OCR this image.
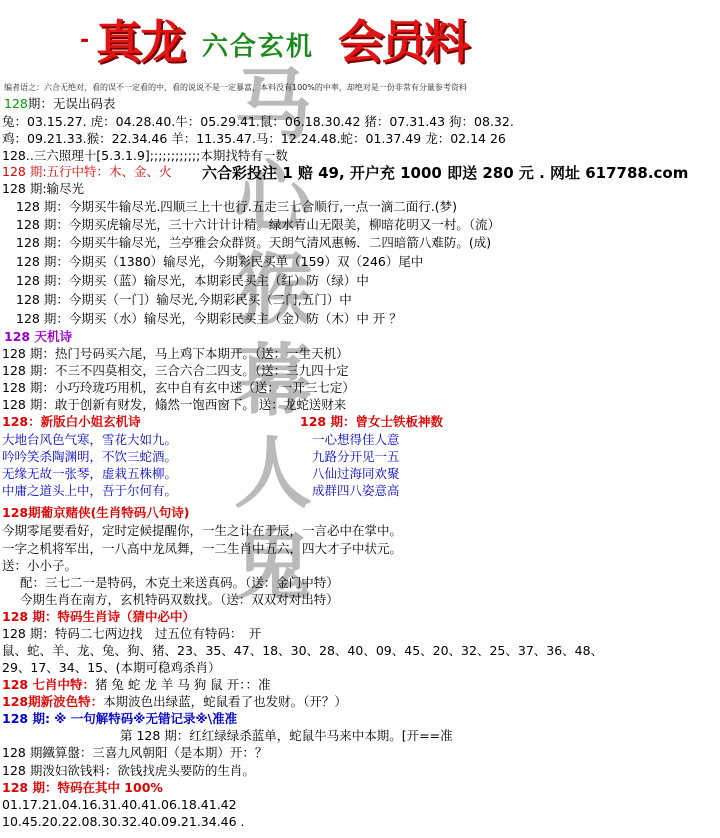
马
心
猴
幕
人
鬼
- 真龙 六合玄机 会员料
编者语之：六合无绝对，看的误不一定看的中，看的说说不是一定暴富，本料没有100%的中率，却绝对是一份非常有分量参考资料
128期：无误出码表
兔：03.15.27. 虎：04.28.40.牛：05.29.41.鼠：06.18.30.42 猪：07.31.43 狗：08.32.
鸡：09.21.33.猴：22.34.46 羊：11.35.47.马：12.24.48.蛇：01.37.49 龙：02.14 26
128..三六照理十[5.3.1.9];;;;;;;;;;;;本期找特有一数
128 期:五行中特：木、金、火 六合彩投注 1 赔 49, 开户充 1000 即送 280 元 . 网址 617788.com
128 期:输尽光
128 期：今期买牛输尽光.四顺三上十也行.五走三七合顺行,一点一滴二面行.(梦)
128 期：今期买虎输尽光，三十六计计计精。绿水青山无限美，柳暗花明又一村。（流）
128 期：今期买牛输尽光，兰亭雅会众群贤。天朗气清风惠畅．二四暗箭八难防。(成)
128 期：今期买（1380）输尽光，今期彩民买单（159）双（246）尾中
128 期：今期买（蓝）输尽光，本期彩民买主（红）防（绿）中
128 期：今期买（一门）输尽光,今期彩民买（二门,五门）中
128 期：今期买（水）输尽光，今期彩民买主（金）防（木）中 开 ？
128 天机诗
128 期：热门号码买六尾，马上鸡下本期开。（送：一生天机）
128 期：不三不四莫相交，三合六合二四支。（送：三九四十定
128 期：小巧玲珑巧用机，玄中自有玄中迷（送：一开三七定）
128 期：敢于创新有财发，翛然一饱西窗下。 送：龙蛇送财来
128：新版白小姐玄机诗	128 期：曾女士铁板神数
大地台风色气寒，雪花大如九。
吟吟笑杀陶渊明，不饮三蛇酒。
无缘无故一张琴，虚栽五株柳。
中庸之道头上中，吾于尔何有。
一心想得佳人意
九路分开见一五
八仙过海同欢聚
成群四八姿意高
128期葡京赌侠(生肖特码八句诗)
今期零尾要看好，定时定候提醒你，一生之计在于辰，一言必中在掌中。
一字之机将军出，一八高中龙凤舞，一二生肖中五六，四大才子中状元。
送：小小子。
配：三七二一是特码，木克土来送真码。（送：金门中特）
今期生肖在南方，玄机特码双数找。（送：双双对对出特）
128 期：特码生肖诗（猜中必中）
128 期：特码二七两边找　过五位有特码：　开
鼠、蛇、羊、龙、兔、狗、猪、23、35、47、18、30、28、40、09、45、20、32、25、37、36、48、
29、17、34、15、(本期可稳鸡杀肖）
128 七肖中特：猪 兔 蛇 龙 羊 马 狗 鼠 开：：准
128期新波色特：本期波色出绿蓝，蛇鼠看了也发财。（开？）
128 期: ※ 一句解特码※无错记录※\准准
第 128 期：红红绿绿杀蓝单，蛇鼠牛马来中本期。[开==准
128 期鐵算盤：三喜九风朝阳（是本期）开：？
128 期泼妇欲钱料：欲钱找虎头要防的生肖。
128 期：特码在其中 100%
01.17.21.04.16.31.40.41.06.18.41.42
10.45.20.22.08.30.32.40.09.21.34.46 .
